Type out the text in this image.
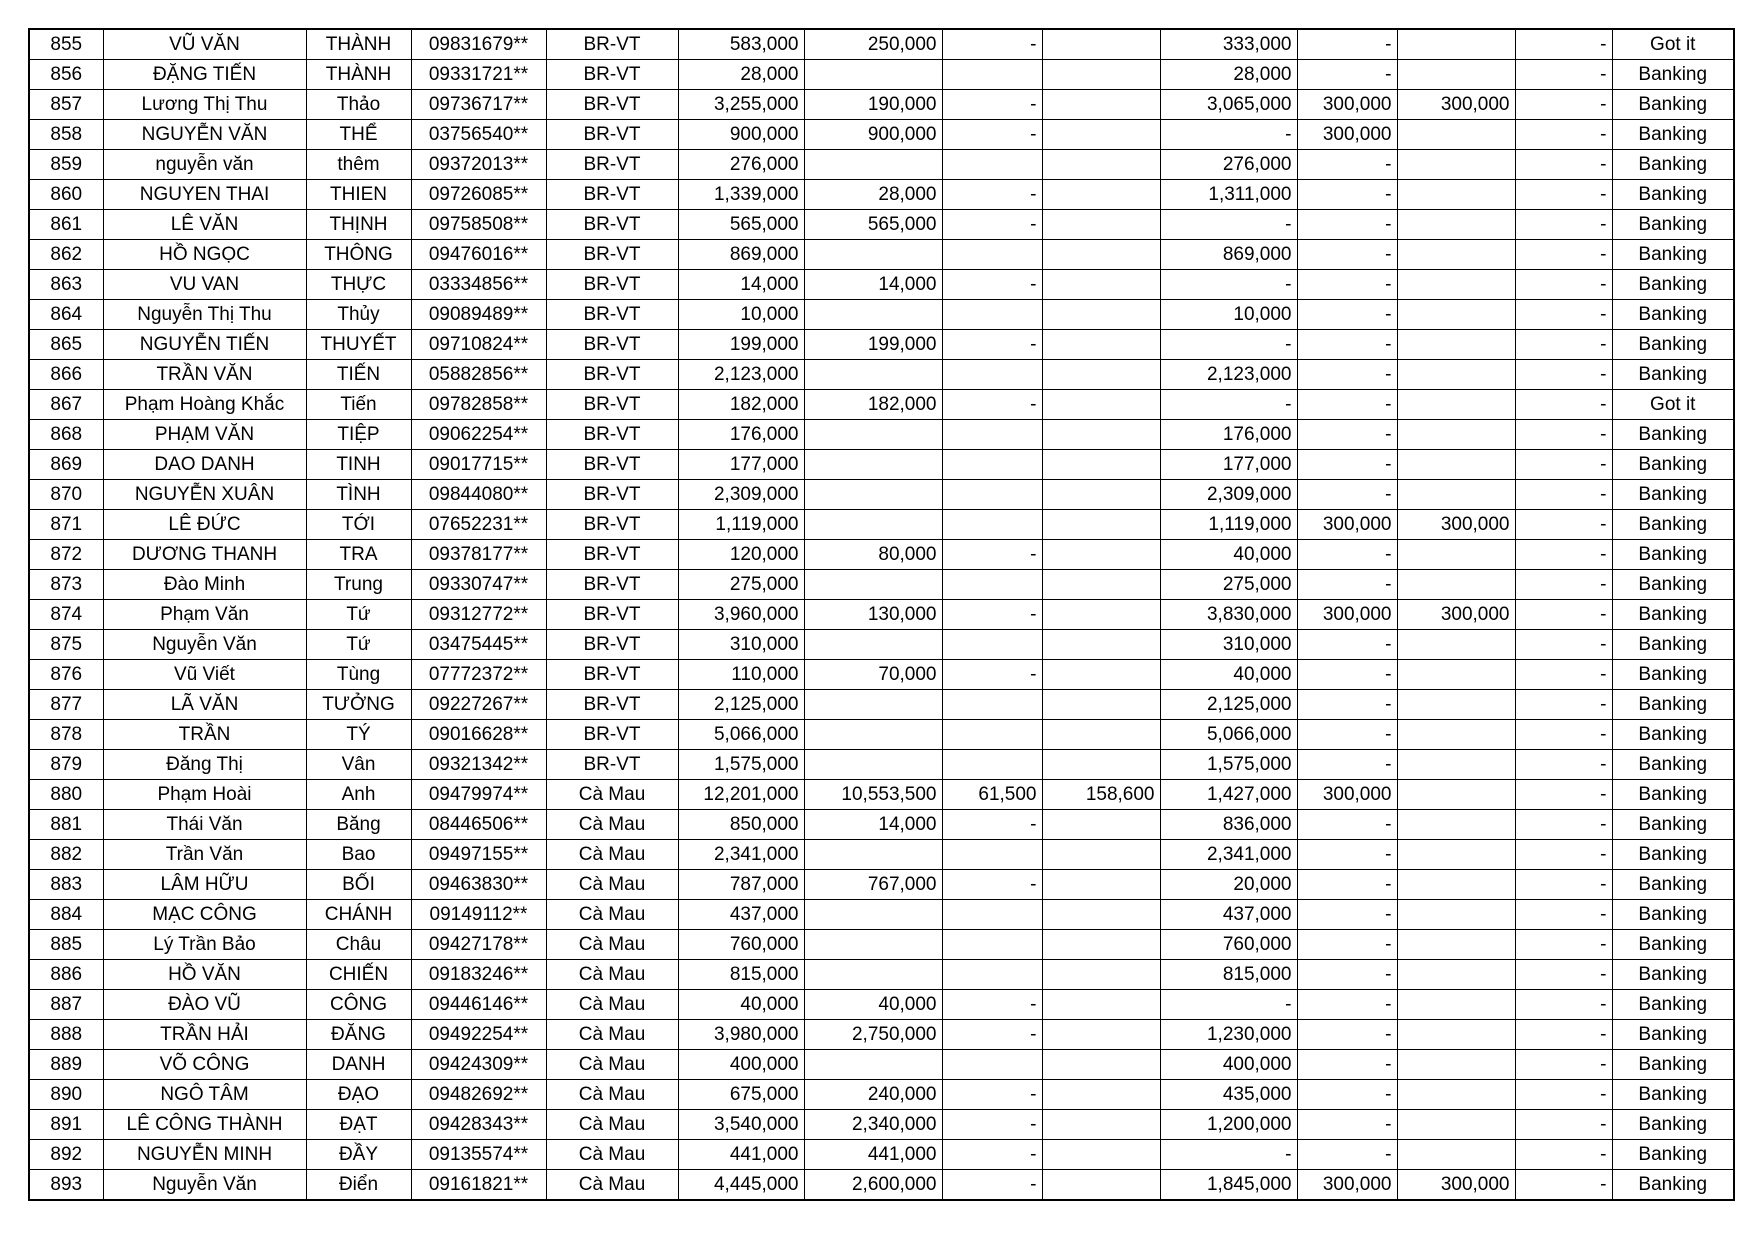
855	VŨ VĂN	THÀNH	09831679**	BR-VT	583,000	250,000	-		333,000	-		-	Got it
856	ĐẶNG TIẾN	THÀNH	09331721**	BR-VT	28,000				28,000	-		-	Banking
857	Lương Thị Thu	Thảo	09736717**	BR-VT	3,255,000	190,000	-		3,065,000	300,000	300,000	-	Banking
858	NGUYỄN VĂN	THỂ	03756540**	BR-VT	900,000	900,000	-		-	300,000		-	Banking
859	nguyễn văn	thêm	09372013**	BR-VT	276,000				276,000	-		-	Banking
860	NGUYEN THAI	THIEN	09726085**	BR-VT	1,339,000	28,000	-		1,311,000	-		-	Banking
861	LÊ VĂN	THỊNH	09758508**	BR-VT	565,000	565,000	-		-	-		-	Banking
862	HỒ NGỌC	THÔNG	09476016**	BR-VT	869,000				869,000	-		-	Banking
863	VU VAN	THỰC	03334856**	BR-VT	14,000	14,000	-		-	-		-	Banking
864	Nguyễn Thị Thu	Thủy	09089489**	BR-VT	10,000				10,000	-		-	Banking
865	NGUYỄN TIẾN	THUYẾT	09710824**	BR-VT	199,000	199,000	-		-	-		-	Banking
866	TRẦN VĂN	TIẾN	05882856**	BR-VT	2,123,000				2,123,000	-		-	Banking
867	Phạm Hoàng Khắc	Tiến	09782858**	BR-VT	182,000	182,000	-		-	-		-	Got it
868	PHẠM VĂN	TIỆP	09062254**	BR-VT	176,000				176,000	-		-	Banking
869	DAO DANH	TINH	09017715**	BR-VT	177,000				177,000	-		-	Banking
870	NGUYỄN XUÂN	TÌNH	09844080**	BR-VT	2,309,000				2,309,000	-		-	Banking
871	LÊ ĐỨC	TỚI	07652231**	BR-VT	1,119,000				1,119,000	300,000	300,000	-	Banking
872	DƯƠNG THANH	TRA	09378177**	BR-VT	120,000	80,000	-		40,000	-		-	Banking
873	Đào Minh	Trung	09330747**	BR-VT	275,000				275,000	-		-	Banking
874	Phạm Văn	Tứ	09312772**	BR-VT	3,960,000	130,000	-		3,830,000	300,000	300,000	-	Banking
875	Nguyễn Văn	Tứ	03475445**	BR-VT	310,000				310,000	-		-	Banking
876	Vũ Viết	Tùng	07772372**	BR-VT	110,000	70,000	-		40,000	-		-	Banking
877	LÃ VĂN	TƯỞNG	09227267**	BR-VT	2,125,000				2,125,000	-		-	Banking
878	TRẦN	TÝ	09016628**	BR-VT	5,066,000				5,066,000	-		-	Banking
879	Đăng Thị	Vân	09321342**	BR-VT	1,575,000				1,575,000	-		-	Banking
880	Phạm Hoài	Anh	09479974**	Cà Mau	12,201,000	10,553,500	61,500	158,600	1,427,000	300,000		-	Banking
881	Thái Văn	Băng	08446506**	Cà Mau	850,000	14,000	-		836,000	-		-	Banking
882	Trần Văn	Bao	09497155**	Cà Mau	2,341,000				2,341,000	-		-	Banking
883	LÂM HỮU	BỐI	09463830**	Cà Mau	787,000	767,000	-		20,000	-		-	Banking
884	MẠC CÔNG	CHÁNH	09149112**	Cà Mau	437,000				437,000	-		-	Banking
885	Lý Trần Bảo	Châu	09427178**	Cà Mau	760,000				760,000	-		-	Banking
886	HỒ VĂN	CHIẾN	09183246**	Cà Mau	815,000				815,000	-		-	Banking
887	ĐÀO VŨ	CÔNG	09446146**	Cà Mau	40,000	40,000	-		-	-		-	Banking
888	TRẦN HẢI	ĐĂNG	09492254**	Cà Mau	3,980,000	2,750,000	-		1,230,000	-		-	Banking
889	VÕ CÔNG	DANH	09424309**	Cà Mau	400,000				400,000	-		-	Banking
890	NGÔ TÂM	ĐẠO	09482692**	Cà Mau	675,000	240,000	-		435,000	-		-	Banking
891	LÊ CÔNG THÀNH	ĐẠT	09428343**	Cà Mau	3,540,000	2,340,000	-		1,200,000	-		-	Banking
892	NGUYỄN MINH	ĐẦY	09135574**	Cà Mau	441,000	441,000	-		-	-		-	Banking
893	Nguyễn Văn	Điển	09161821**	Cà Mau	4,445,000	2,600,000	-		1,845,000	300,000	300,000	-	Banking
